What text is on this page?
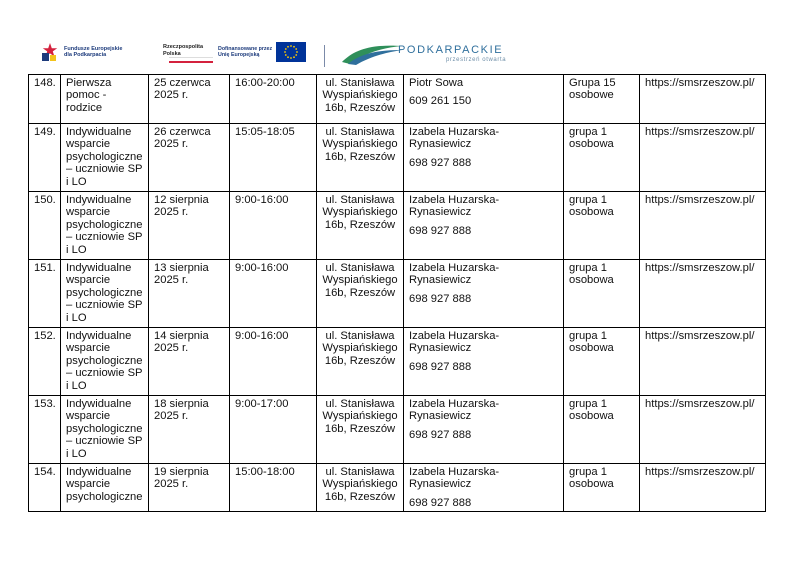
Fundusze Europejskie
dla Podkarpacia
Rzeczpospolita
Polska
Dofinansowane przez
Unię Europejską	PODKARPACKIE
przestrzeń otwarta
148.	Pierwsza
pomoc - rodzice	25 czerwca
2025 r.	16:00-20:00	ul. Stanisława
Wyspiańskiego
16b, Rzeszów	Piotr Sowa
609 261 150	Grupa 15
osobowe	https://smsrzeszow.pl/
149.	Indywidualne
wsparcie
psychologiczne
– uczniowie SP
i LO	26 czerwca
2025 r.	15:05-18:05	ul. Stanisława
Wyspiańskiego
16b, Rzeszów	Izabela Huzarska-Rynasiewicz
698 927 888	grupa 1
osobowa	https://smsrzeszow.pl/
150.	Indywidualne
wsparcie
psychologiczne
– uczniowie SP
i LO	12 sierpnia
2025 r.	9:00-16:00	ul. Stanisława
Wyspiańskiego
16b, Rzeszów	Izabela Huzarska-Rynasiewicz
698 927 888	grupa 1
osobowa	https://smsrzeszow.pl/
151.	Indywidualne
wsparcie
psychologiczne
– uczniowie SP
i LO	13 sierpnia
2025 r.	9:00-16:00	ul. Stanisława
Wyspiańskiego
16b, Rzeszów	Izabela Huzarska-Rynasiewicz
698 927 888	grupa 1
osobowa	https://smsrzeszow.pl/
152.	Indywidualne
wsparcie
psychologiczne
– uczniowie SP
i LO	14 sierpnia
2025 r.	9:00-16:00	ul. Stanisława
Wyspiańskiego
16b, Rzeszów	Izabela Huzarska-Rynasiewicz
698 927 888	grupa 1
osobowa	https://smsrzeszow.pl/
153.	Indywidualne
wsparcie
psychologiczne
– uczniowie SP
i LO	18 sierpnia
2025 r.	9:00-17:00	ul. Stanisława
Wyspiańskiego
16b, Rzeszów	Izabela Huzarska-Rynasiewicz
698 927 888	grupa 1
osobowa	https://smsrzeszow.pl/
154.	Indywidualne
wsparcie
psychologiczne	19 sierpnia
2025 r.	15:00-18:00	ul. Stanisława
Wyspiańskiego
16b, Rzeszów	Izabela Huzarska-Rynasiewicz
698 927 888	grupa 1
osobowa	https://smsrzeszow.pl/
